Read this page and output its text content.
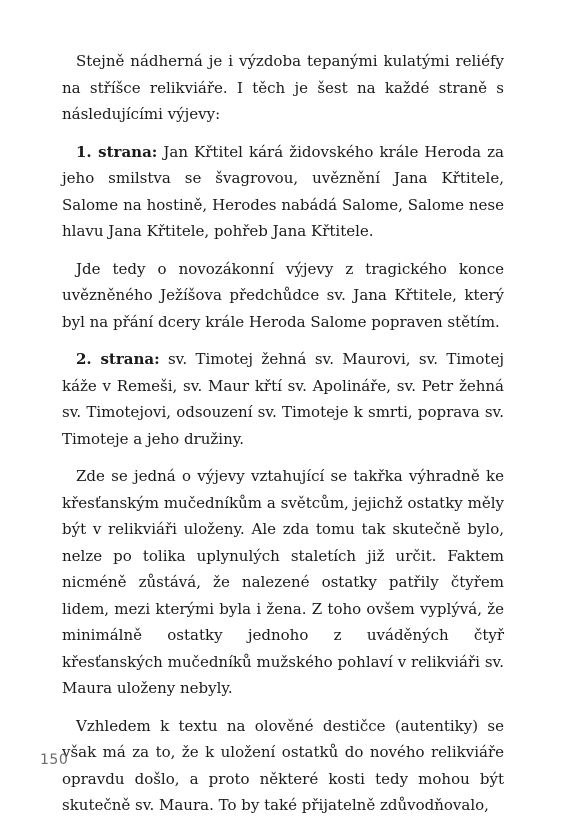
Stejně nádherná je i výzdoba tepanými kulatými reliéfy na stříšce relikviáře. I těch je šest na každé straně s následujícími výjevy:

1. strana: Jan Křtitel kárá židovského krále Heroda za jeho smilstva se švagrovou, uvěznění Jana Křtitele, Salome na hostině, Herodes nabádá Salome, Salome nese hlavu Jana Křtitele, pohřeb Jana Křtitele.

Jde tedy o novozákonní výjevy z tragického konce uvězněného Ježíšova předchůdce sv. Jana Křtitele, který byl na přání dcery krále Heroda Salome popraven stětím.

2. strana: sv. Timotej žehná sv. Maurovi, sv. Timotej káže v Remeši, sv. Maur křtí sv. Apolináře, sv. Petr žehná sv. Timotejovi, odsouzení sv. Timoteje k smrti, poprava sv. Timoteje a jeho družiny.

Zde se jedná o výjevy vztahující se takřka výhradně ke křesťanským mučedníkům a světcům, jejichž ostatky měly být v relikviáři uloženy. Ale zda tomu tak skutečně bylo, nelze po tolika uplynulých staletích již určit. Faktem nicméně zůstává, že nalezené ostatky patřily čtyřem lidem, mezi kterými byla i žena. Z toho ovšem vyplývá, že minimálně ostatky jednoho z uváděných čtyř křesťanských mučedníků mužského pohlaví v relikviáři sv. Maura uloženy nebyly.

Vzhledem k textu na olověné destičce (autentiky) se však má za to, že k uložení ostatků do nového relikviáře opravdu došlo, a proto některé kosti tedy mohou být skutečně sv. Maura. To by také přijatelně zdůvodňovalo,

150
